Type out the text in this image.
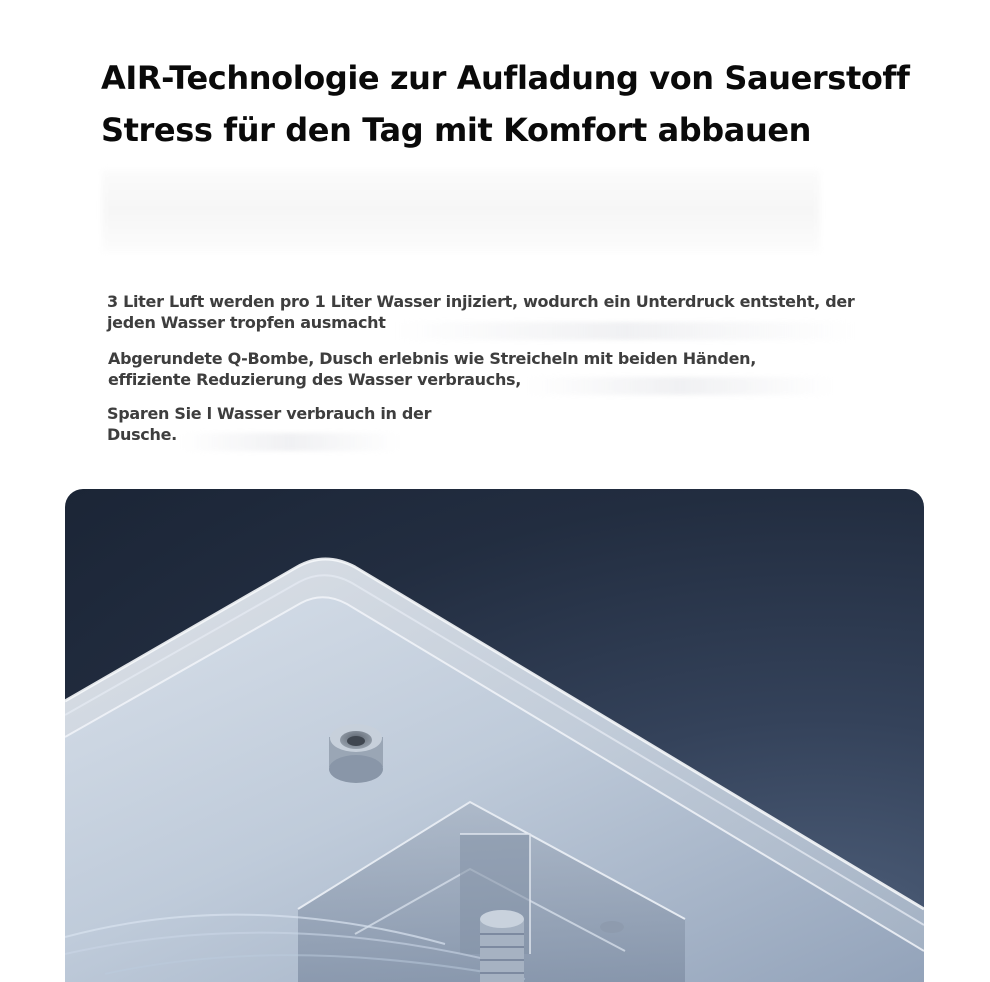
AIR-Technologie zur Aufladung von Sauerstoff
Stress für den Tag mit Komfort abbauen

3 Liter Luft werden pro 1 Liter Wasser injiziert, wodurch ein Unterdruck entsteht, der
jeden Wasser tropfen ausmacht

Abgerundete Q-Bombe, Dusch erlebnis wie Streicheln mit beiden Händen,
effiziente Reduzierung des Wasser verbrauchs,

Sparen Sie l Wasser verbrauch in der
Dusche.
